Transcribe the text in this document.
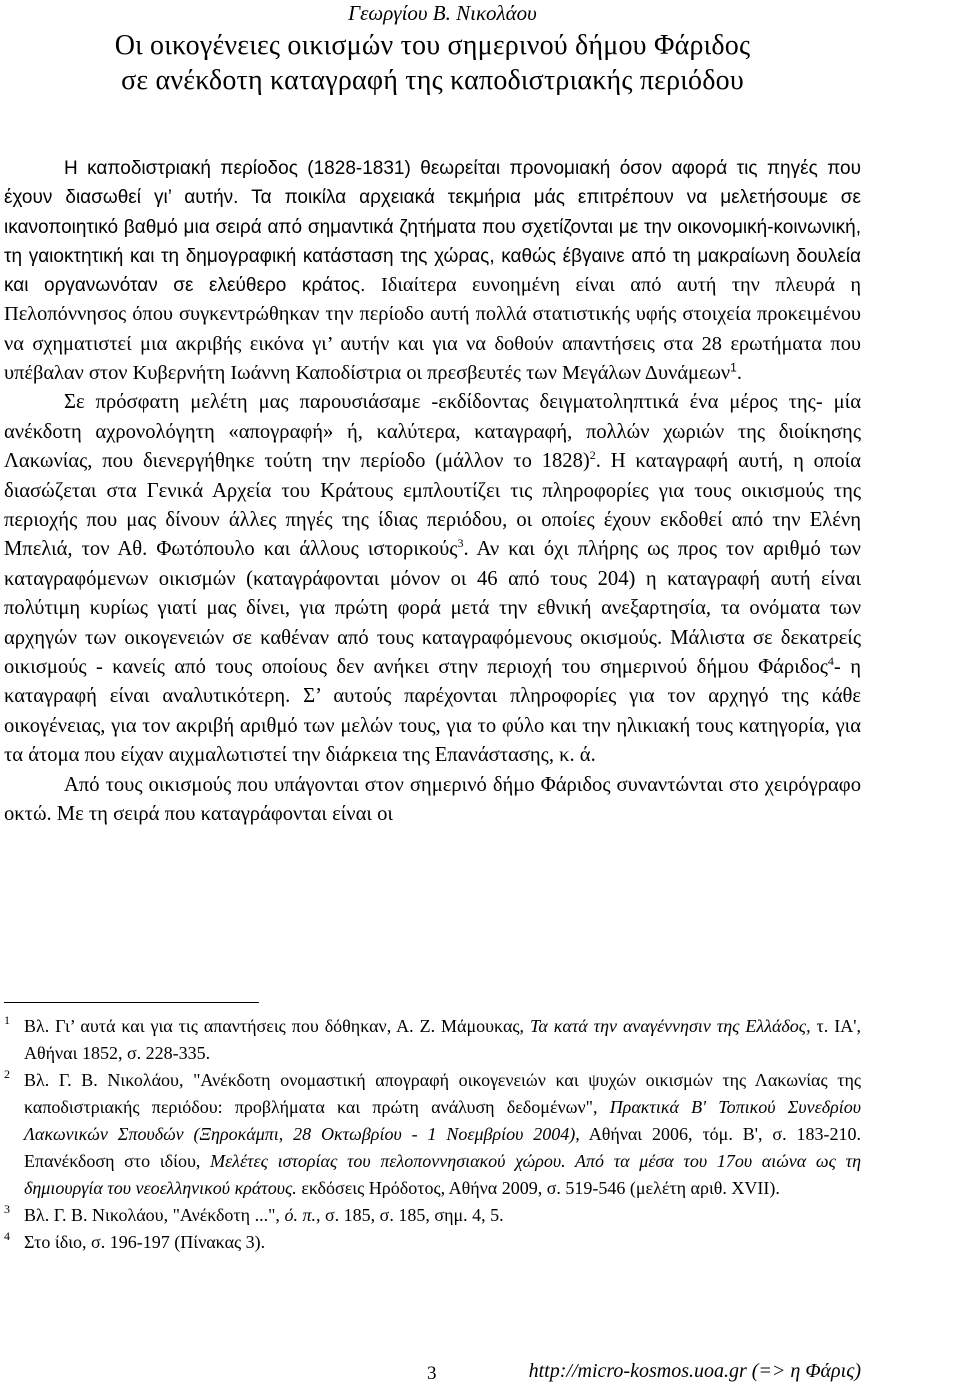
Γεωργίου Β. Νικολάου

Οι οικογένειες οικισμών του σημερινού δήμου Φάριδος
σε ανέκδοτη καταγραφή της καποδιστριακής περιόδου

Η καποδιστριακή περίοδος (1828-1831) θεωρείται προνομιακή όσον αφορά τις πηγές που έχουν διασωθεί γι’ αυτήν. Τα ποικίλα αρχειακά τεκμήρια μάς επιτρέπουν να μελετήσουμε σε ικανοποιητικό βαθμό μια σειρά από σημαντικά ζητήματα που σχετίζονται με την οικονομική-κοινωνική, τη γαιοκτητική και τη δημογραφική κατάσταση της χώρας, καθώς έβγαινε από τη μακραίωνη δουλεία και οργανωνόταν σε ελεύθερο κράτος. Ιδιαίτερα ευνοημένη είναι από αυτή την πλευρά η Πελοπόννησος όπου συγκεντρώθηκαν την περίοδο αυτή πολλά στατιστικής υφής στοιχεία προκειμένου να σχηματιστεί μια ακριβής εικόνα γι’ αυτήν και για να δοθούν απαντήσεις στα 28 ερωτήματα που υπέβαλαν στον Κυβερνήτη Ιωάννη Καποδίστρια οι πρεσβευτές των Μεγάλων Δυνάμεων$^1$.

Σε πρόσφατη μελέτη μας παρουσιάσαμε -εκδίδοντας δειγματοληπτικά ένα μέρος της- μία ανέκδοτη αχρονολόγητη «απογραφή» ή, καλύτερα, καταγραφή, πολλών χωριών της διοίκησης Λακωνίας, που διενεργήθηκε τούτη την περίοδο (μάλλον το 1828)$^2$. Η καταγραφή αυτή, η οποία διασώζεται στα Γενικά Αρχεία του Κράτους εμπλουτίζει τις πληροφορίες για τους οικισμούς της περιοχής που μας δίνουν άλλες πηγές της ίδιας περιόδου, οι οποίες έχουν εκδοθεί από την Ελένη Μπελιά, τον Αθ. Φωτόπουλο και άλλους ιστορικούς$^3$. Αν και όχι πλήρης ως προς τον αριθμό των καταγραφόμενων οικισμών (καταγράφονται μόνον οι 46 από τους 204) η καταγραφή αυτή είναι πολύτιμη κυρίως γιατί μας δίνει, για πρώτη φορά μετά την εθνική ανεξαρτησία, τα ονόματα των αρχηγών των οικογενειών σε καθέναν από τους καταγραφόμενους οκισμούς. Μάλιστα σε δεκατρείς οικισμούς - κανείς από τους οποίους δεν ανήκει στην περιοχή του σημερινού δήμου Φάριδος$^4$- η καταγραφή είναι αναλυτικότερη. Σ’ αυτούς παρέχονται πληροφορίες για τον αρχηγό της κάθε οικογένειας, για τον ακριβή αριθμό των μελών τους, για το φύλο και την ηλικιακή τους κατηγορία, για τα άτομα που είχαν αιχμαλωτιστεί την διάρκεια της Επανάστασης, κ. ά.

Από τους οικισμούς που υπάγονται στον σημερινό δήμο Φάριδος συναντώνται στο χειρόγραφο οκτώ. Με τη σειρά που καταγράφονται είναι οι

1 Βλ. Γι’ αυτά και για τις απαντήσεις που δόθηκαν, Α. Ζ. Μάμουκας, Τα κατά την αναγέννησιν της Ελλάδος, τ. ΙΑ', Αθήναι 1852, σ. 228-335.

2 Βλ. Γ. Β. Νικολάου, "Ανέκδοτη ονομαστική απογραφή οικογενειών και ψυχών οικισμών της Λακωνίας της καποδιστριακής περιόδου: προβλήματα και πρώτη ανάλυση δεδομένων", Πρακτικά Β' Τοπικού Συνεδρίου Λακωνικών Σπουδών (Ξηροκάμπι, 28 Οκτωβρίου - 1 Νοεμβρίου 2004), Αθήναι 2006, τόμ. Β', σ. 183-210. Επανέκδοση στο ιδίου, Μελέτες ιστορίας του πελοποννησιακού χώρου. Από τα μέσα του 17ου αιώνα ως τη δημιουργία του νεοελληνικού κράτους. εκδόσεις Ηρόδοτος, Αθήνα 2009, σ. 519-546 (μελέτη αριθ. XVII).

3 Βλ. Γ. Β. Νικολάου, "Ανέκδοτη ...", ό. π., σ. 185, σ. 185, σημ. 4, 5.

4 Στο ίδιο, σ. 196-197 (Πίνακας 3).

3	http://micro-kosmos.uoa.gr (=> η Φάρις)
